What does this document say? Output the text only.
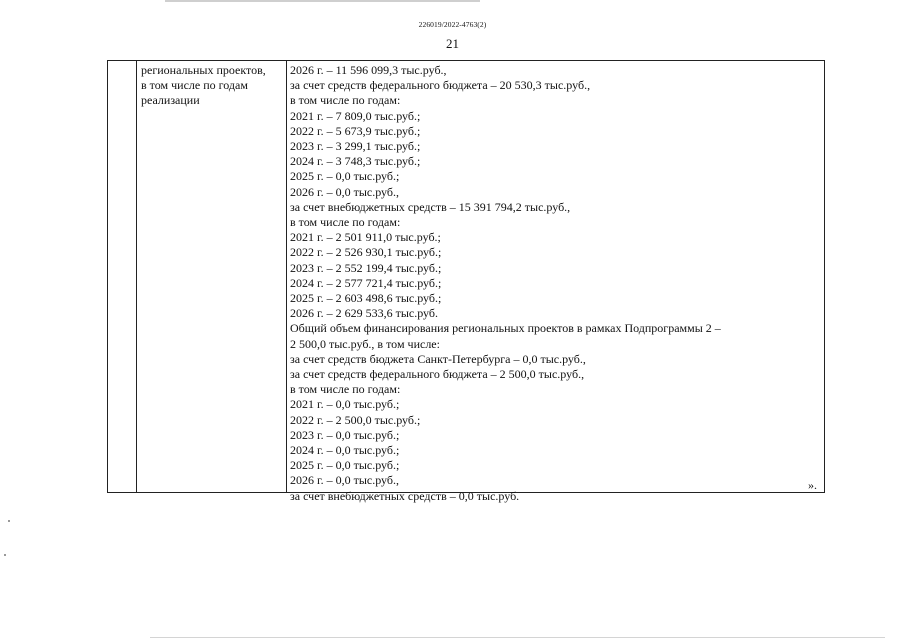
226019/2022-4763(2)
21
региональных проектов,
в том числе по годам
реализации
2026 г. – 11 596 099,3 тыс.руб.,
за счет средств федерального бюджета – 20 530,3 тыс.руб.,
в том числе по годам:
2021 г. – 7 809,0 тыс.руб.;
2022 г. – 5 673,9 тыс.руб.;
2023 г. – 3 299,1 тыс.руб.;
2024 г. – 3 748,3 тыс.руб.;
2025 г. – 0,0 тыс.руб.;
2026 г. – 0,0 тыс.руб.,
за счет внебюджетных средств – 15 391 794,2 тыс.руб.,
в том числе по годам:
2021 г. – 2 501 911,0 тыс.руб.;
2022 г. – 2 526 930,1 тыс.руб.;
2023 г. – 2 552 199,4 тыс.руб.;
2024 г. – 2 577 721,4 тыс.руб.;
2025 г. – 2 603 498,6 тыс.руб.;
2026 г. – 2 629 533,6 тыс.руб.
Общий объем финансирования региональных проектов в рамках Подпрограммы 2 –
2 500,0 тыс.руб., в том числе:
за счет средств бюджета Санкт-Петербурга – 0,0 тыс.руб.,
за счет средств федерального бюджета – 2 500,0 тыс.руб.,
в том числе по годам:
2021 г. – 0,0 тыс.руб.;
2022 г. – 2 500,0 тыс.руб.;
2023 г. – 0,0 тыс.руб.;
2024 г. – 0,0 тыс.руб.;
2025 г. – 0,0 тыс.руб.;
2026 г. – 0,0 тыс.руб.,
за счет внебюджетных средств – 0,0 тыс.руб.
».
